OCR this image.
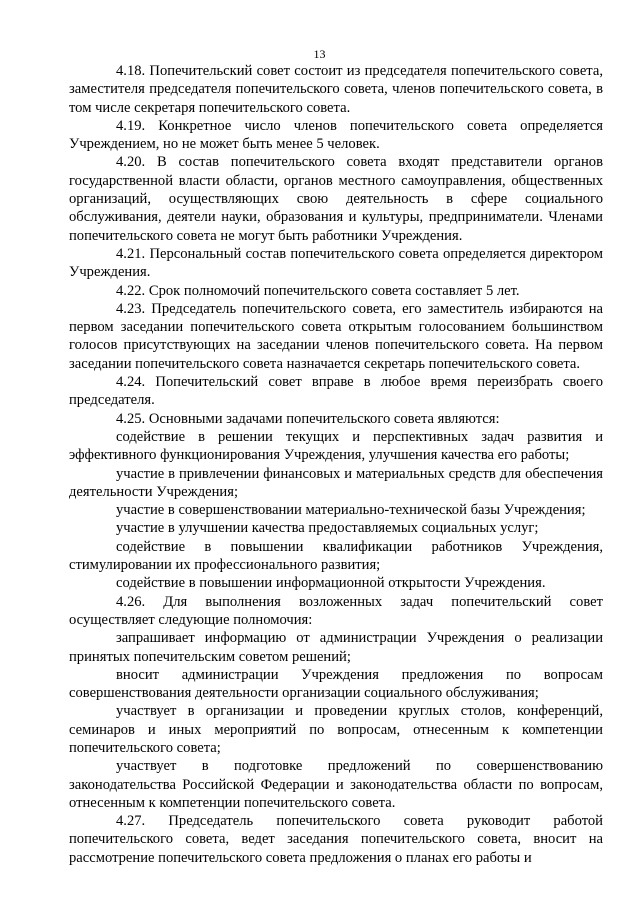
13

4.18. Попечительский совет состоит из председателя попечительского совета, заместителя председателя попечительского совета, членов попечительского совета, в том числе секретаря попечительского совета.

4.19. Конкретное число членов попечительского совета определяется Учреждением, но не может быть менее 5 человек.

4.20. В состав попечительского совета входят представители органов государственной власти области, органов местного самоуправления, общественных организаций, осуществляющих свою деятельность в сфере социального обслуживания, деятели науки, образования и культуры, предприниматели. Членами попечительского совета не могут быть работники Учреждения.

4.21. Персональный состав попечительского совета определяется директором Учреждения.

4.22. Срок полномочий попечительского совета составляет 5 лет.

4.23. Председатель попечительского совета, его заместитель избираются на первом заседании попечительского совета открытым голосованием большинством голосов присутствующих на заседании членов попечительского совета. На первом заседании попечительского совета назначается секретарь попечительского совета.

4.24. Попечительский совет вправе в любое время переизбрать своего председателя.

4.25. Основными задачами попечительского совета являются:

содействие в решении текущих и перспективных задач развития и эффективного функционирования Учреждения, улучшения качества его работы;

участие в привлечении финансовых и материальных средств для обеспечения деятельности Учреждения;

участие в совершенствовании материально-технической базы Учреждения;

участие в улучшении качества предоставляемых социальных услуг;

содействие в повышении квалификации работников Учреждения, стимулировании их профессионального развития;

содействие в повышении информационной открытости Учреждения.

4.26. Для выполнения возложенных задач попечительский совет осуществляет следующие полномочия:

запрашивает информацию от администрации Учреждения о реализации принятых попечительским советом решений;

вносит администрации Учреждения предложения по вопросам совершенствования деятельности организации социального обслуживания;

участвует в организации и проведении круглых столов, конференций, семинаров и иных мероприятий по вопросам, отнесенным к компетенции попечительского совета;

участвует в подготовке предложений по совершенствованию законодательства Российской Федерации и законодательства области по вопросам, отнесенным к компетенции попечительского совета.

4.27. Председатель попечительского совета руководит работой попечительского совета, ведет заседания попечительского совета, вносит на рассмотрение попечительского совета предложения о планах его работы и
